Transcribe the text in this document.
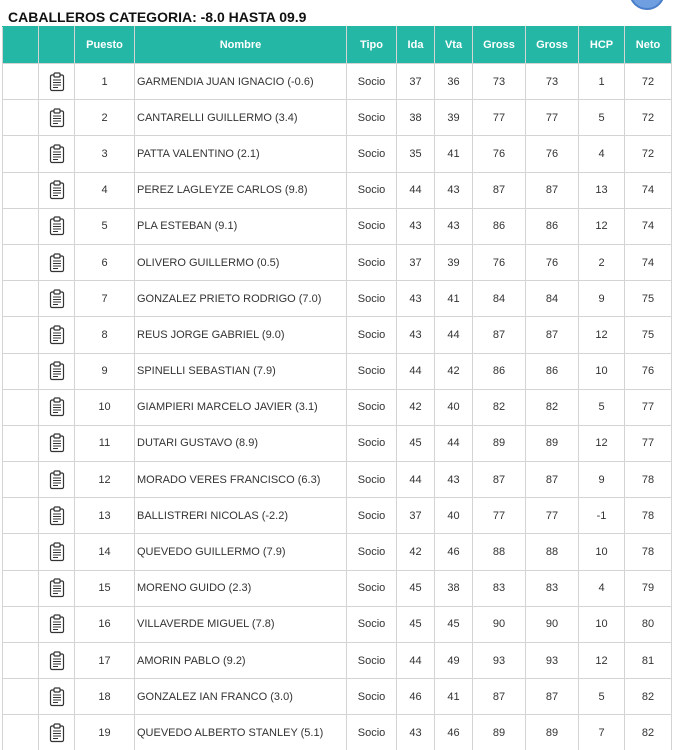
CABALLEROS CATEGORIA: -8.0 HASTA 09.9
		Puesto	Nombre	Tipo	Ida	Vta	Gross	Gross	HCP	Neto
		1	GARMENDIA JUAN IGNACIO (-0.6)	Socio	37	36	73	73	1	72
		2	CANTARELLI GUILLERMO (3.4)	Socio	38	39	77	77	5	72
		3	PATTA VALENTINO (2.1)	Socio	35	41	76	76	4	72
		4	PEREZ LAGLEYZE CARLOS (9.8)	Socio	44	43	87	87	13	74
		5	PLA ESTEBAN (9.1)	Socio	43	43	86	86	12	74
		6	OLIVERO GUILLERMO (0.5)	Socio	37	39	76	76	2	74
		7	GONZALEZ PRIETO RODRIGO (7.0)	Socio	43	41	84	84	9	75
		8	REUS JORGE GABRIEL (9.0)	Socio	43	44	87	87	12	75
		9	SPINELLI SEBASTIAN (7.9)	Socio	44	42	86	86	10	76
		10	GIAMPIERI MARCELO JAVIER (3.1)	Socio	42	40	82	82	5	77
		11	DUTARI GUSTAVO (8.9)	Socio	45	44	89	89	12	77
		12	MORADO VERES FRANCISCO (6.3)	Socio	44	43	87	87	9	78
		13	BALLISTRERI NICOLAS (-2.2)	Socio	37	40	77	77	-1	78
		14	QUEVEDO GUILLERMO (7.9)	Socio	42	46	88	88	10	78
		15	MORENO GUIDO (2.3)	Socio	45	38	83	83	4	79
		16	VILLAVERDE MIGUEL (7.8)	Socio	45	45	90	90	10	80
		17	AMORIN PABLO (9.2)	Socio	44	49	93	93	12	81
		18	GONZALEZ IAN FRANCO (3.0)	Socio	46	41	87	87	5	82
		19	QUEVEDO ALBERTO STANLEY (5.1)	Socio	43	46	89	89	7	82
